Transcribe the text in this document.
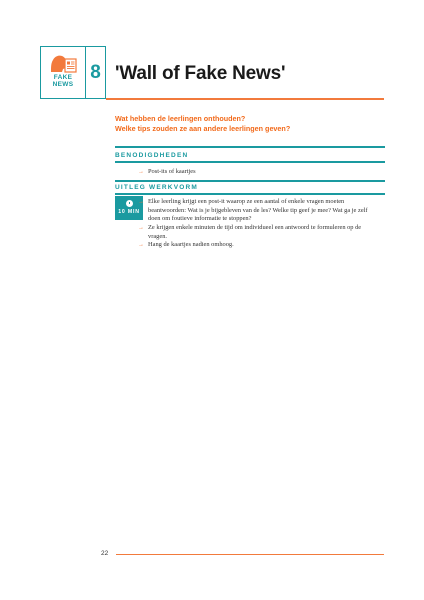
FAKE
NEWS
8 'Wall of Fake News'
Wat hebben de leerlingen onthouden?
Welke tips zouden ze aan andere leerlingen geven?
BENODIGDHEDEN
→ Post-its of kaartjes
UITLEG WERKVORM
10 MIN
→ Elke leerling krijgt een post-it waarop ze een aantal of enkele vragen moeten beantwoorden: Wat is je bijgebleven van de les? Welke tip geef je mee? Wat ga je zelf doen om foutieve informatie te stoppen?
→ Ze krijgen enkele minuten de tijd om individueel een antwoord te formuleren op de vragen.
→ Hang de kaartjes nadien omhoog.
22
